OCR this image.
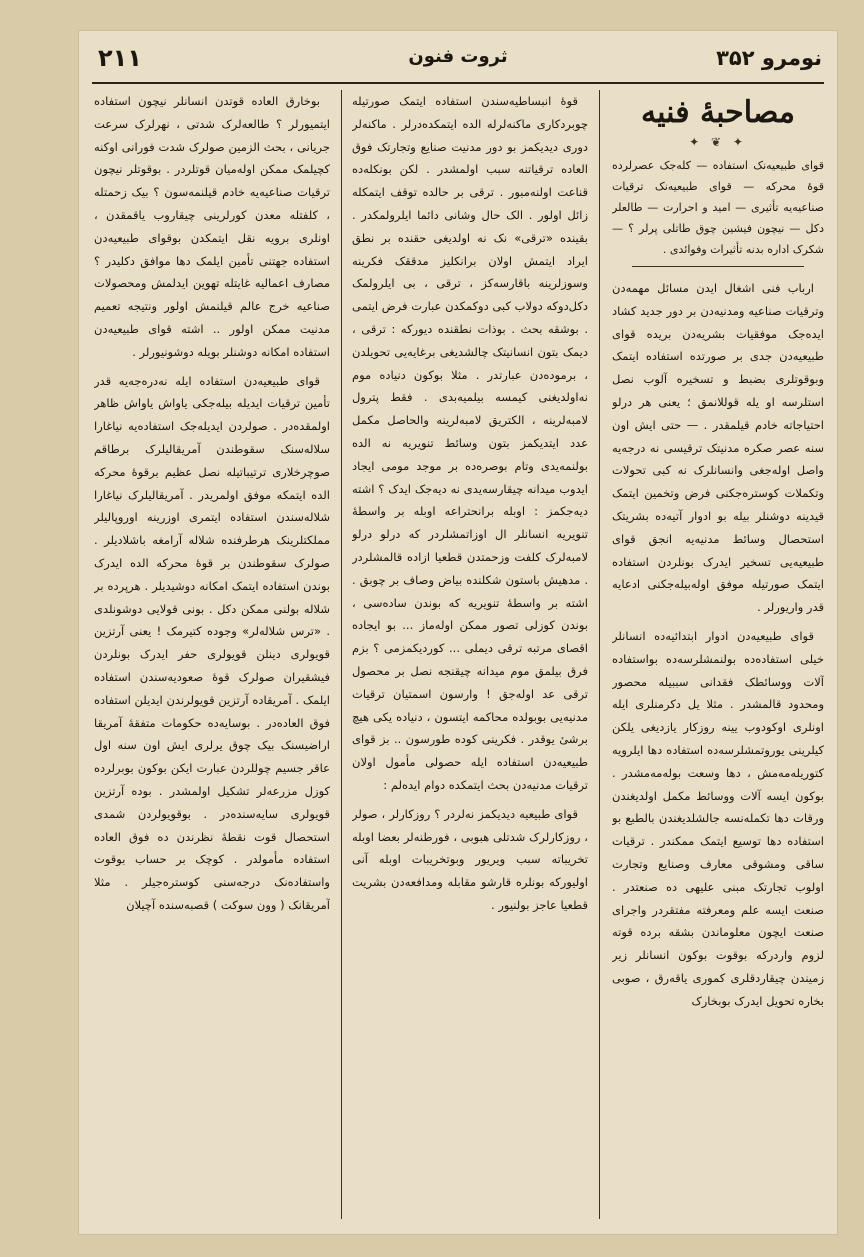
نومرو ۳۵۲
ثروت فنون
۲۱۱
مصاحبهٔ فنیه
✦ ❦ ✦

قوای طبیعیه‌نک استفاده — کله‌جک عصرلرده قوهٔ محرکه — قوای طبیعیه‌نک ترقیات صناعیه‌یه تأثیری — امید و احرارت — طالعلر دکل — نیچون فیشین چوق طاتلی پرلر ؟ — شکرک اداره بدنه تأثیرات وفوائدی .

ارباب فنی اشغال ایدن مسائل مهمه‌دن وترقیات صناعیه ومدنیه‌دن بر دور جدید کشاد ایده‌جک موفقیات بشریه‌دن بریده قوای طبیعیه‌دن جدی بر صورتده استفاده ایتمک وبوقوتلری بضبط و تسخیره آلوب نصل استلرسه او یله قوللانمق ؛ یعنی هر درلو احتیاجاته خادم قیلمقدر . — حتی ایش اون سنه عصر صکره مدنیتک ترقیسی نه درجه‌یه واصل اوله‌جغی وانسانلرک نه کبی تحولات وتکملات کوستره‌جکنی فرض وتخمین ایتمک قیدینه دوشنلر بیله بو ادوار آتیه‌ده بشریتک استحصال وسائط مدنیه‌یه انجق قوای طبیعیه‌یی تسخیر ایدرک بونلردن استفاده ایتمک صورتیله موفق اوله‌بیله‌جکنی ادعایه قدر واریورلر .

قوای طبیعیه‌دن ادوار ابتدائیه‌ده انسانلر خیلی استفاده‌ده بولنمشلرسه‌ده بواستفاده آلات ووسائطک فقدانی سببیله محصور ومحدود قالمشدر . مثلا یل دکرمنلری ایله اونلری اوکودوب یینه روزکار یازدیغی یلکن کیلرینی یوروتمشلرسه‌ده استفاده دها ایلرویه کتوریله‌مه‌مش ، دها وسعت بوله‌مه‌مشدر . بوکون ایسه آلات ووسائط مکمل اولدیغندن ورقات دها تکمله‌نسه جالشلدیغندن بالطبع بو استفاده دها توسیع ایتمک ممکندر . ترقیات ساقی ومشوقی معارف وصنایع وتجارت اولوب تجارتک مبنی علیهی ده صنعتدر . صنعت ایسه علم ومعرفته مفتقردر واجرای صنعت ایچون معلوماندن بشقه برده قوته لزوم واردرکه بوقوت بوکون انسانلر زیر زمیندن چیقاردقلری کموری یاقه‌رق ، صوبی بخاره تحویل ایدرک بوبخارک

قوهٔ انبساطیه‌سندن استفاده ایتمک صورتیله چوبردکاری ماکنه‌لرله الده ایتمکده‌درلر . ماکنه‌لر دوری دیدیکمز بو دور مدنیت صنایع وتجارتک فوق العاده ترقیاتنه سبب اولمشدر . لکن بونکله‌ده قناعت اولنه‌مبور . ترقی بر حالده توقف ایتمکله زائل اولور . الک حال وشانی دائما ایلرولمکدر . بقینده «ترقی» نک نه اولدیغی حقنده بر نطق ایراد ایتمش اولان برانکلیز مدققک فکرینه وسوزلرینه باقارسه‌کز ، ترقی ، بی ایلرولمک دکل‌دوکه دولاب کبی دوکمکدن عبارت فرض ایتمی . بوشقه بحث . بوذات نطقنده دیورکه : ترقی ، دیمک بتون انسانیتک چالشدیغی برغایه‌یی تحویلدن ، برموده‌دن عبارتدر . مثلا بوکون دنیاده موم نه‌اولدیغنی کیمسه بیلمیه‌بدی . فقط پترول لامبه‌لرینه ، الکتریق لامبه‌لرینه والحاصل مکمل عدد ایتدیکمز بتون وسائط تنویریه نه الده بولنمه‌یدی وتام بوصره‌ده بر موجد مومی ایجاد ایدوب میدانه چیقارسه‌یدی نه دیه‌جک ایدک ؟ اشته دیه‌جکمز : اوبله برانحتراعه اوبله بر واسطهٔ تنویریه انسانلر ال اوزاتمشلردر که درلو درلو لامبه‌لرک کلفت وزحمتدن قطعیا ازاده قالمشلردر . مدهیش باستون شکلنده بیاض وصاف بر چوبق . اشته بر واسطهٔ تنویریه که بوندن ساده‌سی ، بوندن کوزلی تصور ممکن اوله‌ماز ... بو ایجاده اقصای مرتبه ترقی دیملی ... کوردیکمزمی ؟ بزم فرق بیلمق موم میدانه چیقنجه نصل بر محصول ترقی عد اوله‌جق ! وارسون اسمتیان ترقیات مدنیه‌یی بوبولده محاکمه ایتسون ، دنیاده یکی هیچ برشیٔ یوقدر . فکرینی کوده طورسون .. بز قوای طبیعیه‌دن استفاده ایله حصولی مأمول اولان ترقیات مدنیه‌دن بحث ایتمکده دوام ایده‌لم :

قوای طبیعیه دیدیکمز نه‌لردر ؟ روزکارلر ، صولر ، روزکارلرک شدتلی هبوبی ، فورطنه‌لر بعضا اوبله تخریباته سبب ویریور وبوتخریبات اوبله آنی اولیورکه بونلره قارشو مقابله ومدافعه‌دن بشریت قطعیا عاجز بولنیور .

بوخارق العاده قوتدن انسانلر نیچون استفاده ایتمیورلر ؟ طالعه‌لرک شدتی ، نهرلرک سرعت جریانی ، بحث الزمین صولرک شدت فورانی اوکنه کچیلمک ممکن اوله‌میان قوتلردر . بوقوتلر نیچون ترقیات صناعیه‌یه خادم قیلنمه‌سون ؟ بیک زحمتله ، کلفتله معدن کورلرینی چیقاروب یاقمقدن ، اونلری برویه نقل ایتمکدن بوقوای طبیعیه‌دن استفاده جهتنی تأمین ایلمک دها موافق دکلیدر ؟ مصارف اعمالیه غایتله تهوین ایدلمش ومحصولات صناعیه خرج عالم قیلنمش اولور ونتیجه تعمیم مدنیت ممکن اولور .. اشته قوای طبیعیه‌دن استفاده امکانه دوشنلر بویله دوشونیورلر .

قوای طبیعیه‌دن استفاده ایله نه‌دره‌جه‌یه قدر تأمین ترقیات ایدیله بیله‌جکی یاواش یاواش ظاهر اولمقده‌در . صولردن ایدیله‌جک استفاده‌یه نیاغارا سلاله‌سنک سقوطندن آمریقالیلرک برطاقم صوچرخلاری ترتیباتیله نصل عظیم برقوهٔ محرکه الده ایتمکه موفق اولمریدر . آمریقالیلرک نیاغارا شلاله‌سندن استفاده ایتمری اوزرینه اوروپالیلر مملکتلرینک هرطرفنده شلاله آرامغه باشلادیلر . صولرک سقوطندن بر قوهٔ محرکه الده ایدرک بوندن استفاده ایتمک امکانه دوشیدیلر . هرپرده بر شلاله بولنی ممکن دکل . بونی قولایی دوشونلدی . «ترس شلاله‌لر» وجوده کتیرمک ! یعنی آرتزین قویولری دینلن قویولری حفر ایدرک بونلردن فیشقیران صولرک قوهٔ صعودیه‌سندن استفاده ایلمک . آمریقاده آرتزین قویولرندن ایدیلن استفاده فوق العاده‌در . بوسایه‌ده حکومات متفقهٔ آمریقا اراضیسنک بیک چوق یرلری ایش اون سنه اول عاقر جسیم چوللردن عبارت ایکن بوکون بوبرلرده کوزل مزرعه‌لر تشکیل اولمشدر . بوده آرتزین قویولری سایه‌سنده‌در . بوقویولردن شمدی استحصال قوت نقطهٔ نظرندن ده فوق العاده استفاده مأمولدر . کوچک بر حساب بوقوت واستفاده‌نک درجه‌سنی کوستره‌جیلر . مثلا آمریقانک ( وون سوکت ) قصبه‌سنده آچیلان
